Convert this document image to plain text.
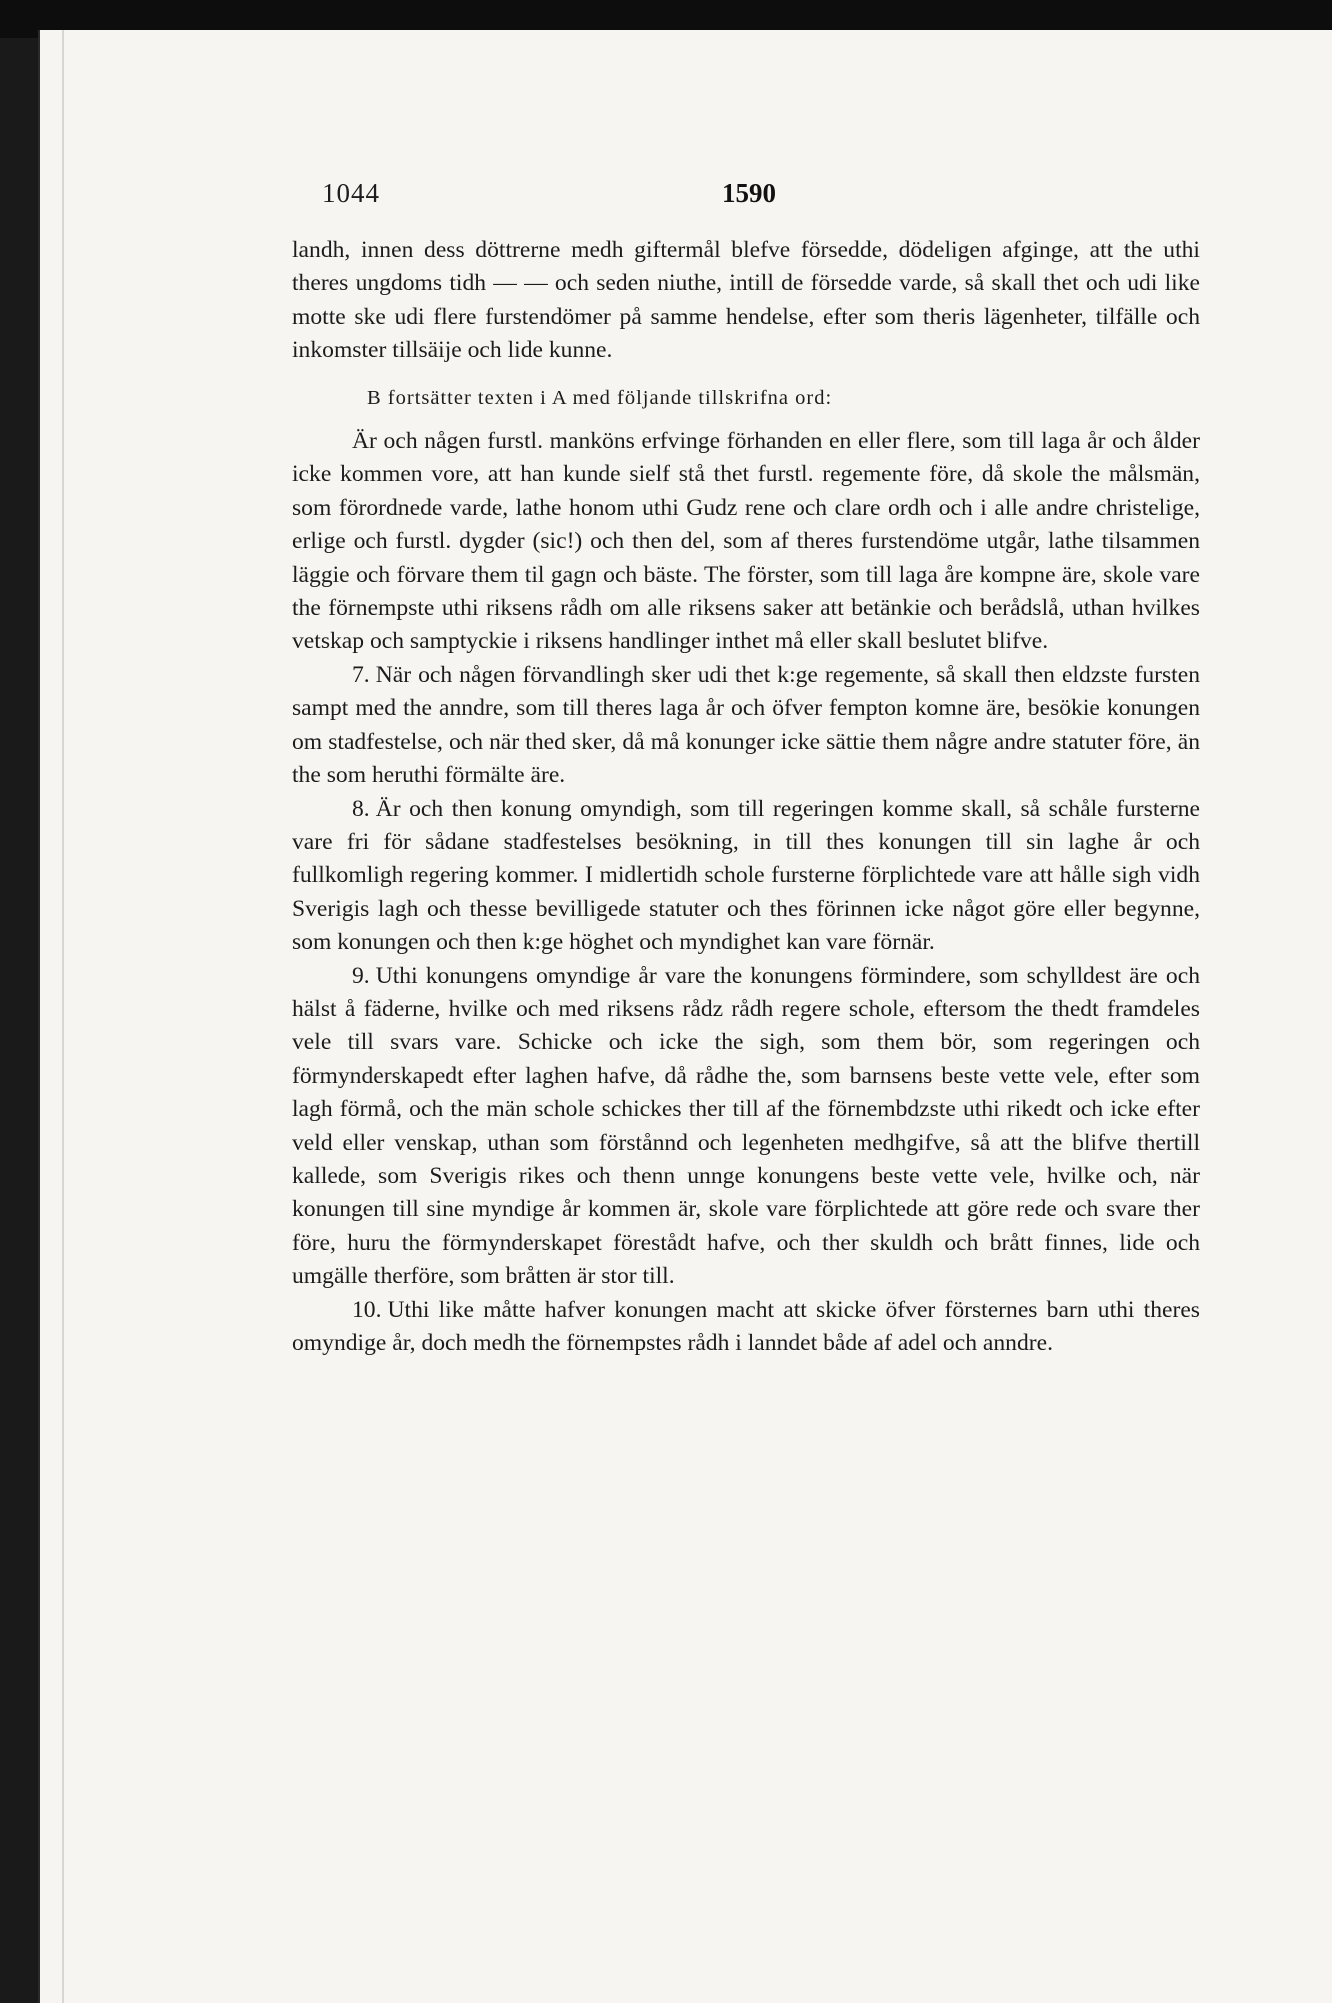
1044	1590

landh, innen dess döttrerne medh giftermål blefve försedde, dödeligen afginge, att the uthi theres ungdoms tidh — — och seden niuthe, intill de försedde varde, så skall thet och udi like motte ske udi flere furstendömer på samme hendelse, efter som theris lägenheter, tilfälle och inkomster tillsäije och lide kunne.

B fortsätter texten i A med följande tillskrifna ord:

Är och någen furstl. manköns erfvinge förhanden en eller flere, som till laga år och ålder icke kommen vore, att han kunde sielf stå thet furstl. regemente före, då skole the målsmän, som förordnede varde, lathe honom uthi Gudz rene och clare ordh och i alle andre christelige, erlige och furstl. dygder (sic!) och then del, som af theres furstendöme utgår, lathe tilsammen läggie och förvare them til gagn och bäste. The förster, som till laga åre kompne äre, skole vare the förnempste uthi riksens rådh om alle riksens saker att betänkie och berådslå, uthan hvilkes vetskap och samptyckie i riksens handlinger inthet må eller skall beslutet blifve.

7. När och någen förvandlingh sker udi thet k:ge regemente, så skall then eldzste fursten sampt med the anndre, som till theres laga år och öfver fempton komne äre, besökie konungen om stadfestelse, och när thed sker, då må konunger icke sättie them någre andre statuter före, än the som heruthi förmälte äre.

8. Är och then konung omyndigh, som till regeringen komme skall, så schåle fursterne vare fri för sådane stadfestelses besökning, in till thes konungen till sin laghe år och fullkomligh regering kommer. I midlertidh schole fursterne förplichtede vare att hålle sigh vidh Sverigis lagh och thesse bevilligede statuter och thes förinnen icke något göre eller begynne, som konungen och then k:ge höghet och myndighet kan vare förnär.

9. Uthi konungens omyndige år vare the konungens förmindere, som schylldest äre och hälst å fäderne, hvilke och med riksens rådz rådh regere schole, eftersom the thedt framdeles vele till svars vare. Schicke och icke the sigh, som them bör, som regeringen och förmynderskapedt efter laghen hafve, då rådhe the, som barnsens beste vette vele, efter som lagh förmå, och the män schole schickes ther till af the förnembdzste uthi rikedt och icke efter veld eller venskap, uthan som förstånnd och legenheten medhgifve, så att the blifve thertill kallede, som Sverigis rikes och thenn unnge konungens beste vette vele, hvilke och, när konungen till sine myndige år kommen är, skole vare förplichtede att göre rede och svare ther före, huru the förmynderskapet förestådt hafve, och ther skuldh och brått finnes, lide och umgälle therföre, som bråtten är stor till.

10. Uthi like måtte hafver konungen macht att skicke öfver försternes barn uthi theres omyndige år, doch medh the förnempstes rådh i lanndet både af adel och anndre.
